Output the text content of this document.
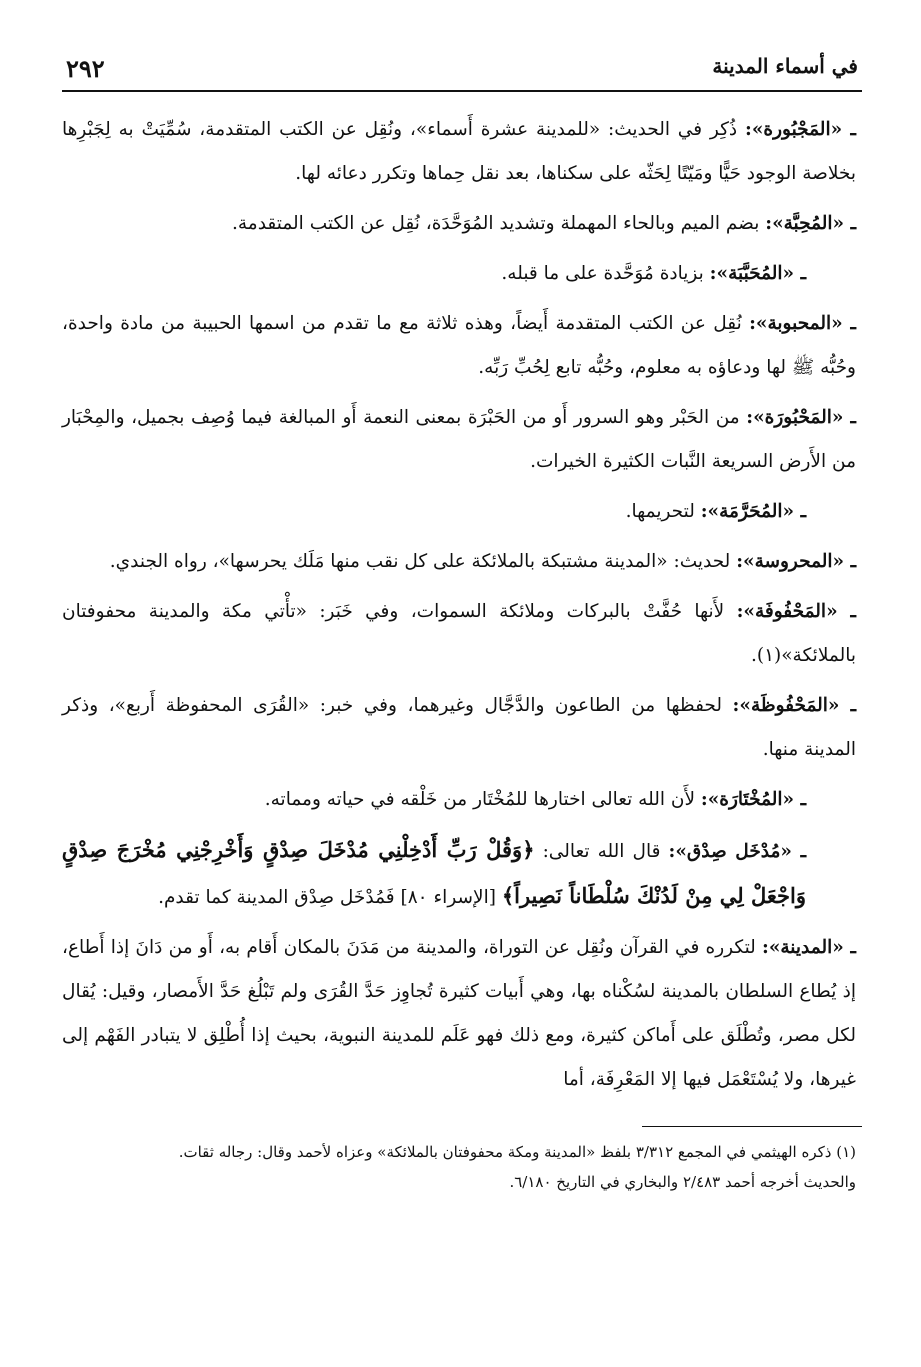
في أسماء المدينة
٢٩٢

ـ «المَجْبُورة»: ذُكِر في الحديث: «للمدينة عشرة أَسماء»، ونُقِل عن الكتب المتقدمة، سُمِّيَتْ به لِجَبْرِها بخلاصة الوجود حَيًّا ومَيّتًا لِحَثّه على سكناها، بعد نقل حِماها وتكرر دعائه لها.

ـ «المُحِبَّة»: بضم الميم وبالحاء المهملة وتشديد المُوَحَّدَة، نُقِل عن الكتب المتقدمة.

ـ «المُحَبَّبَة»: بزيادة مُوَحَّدة على ما قبله.

ـ «المحبوبة»: نُقِل عن الكتب المتقدمة أَيضاً، وهذه ثلاثة مع ما تقدم من اسمها الحبيبة من مادة واحدة، وحُبُّه ﷺ لها ودعاؤه به معلوم، وحُبُّه تابع لِحُبِّ رَبِّه.

ـ «المَحْبُورَة»: من الحَبْر وهو السرور أَو من الحَبْرَة بمعنى النعمة أَو المبالغة فيما وُصِف بجميل، والمِحْبَار من الأَرض السريعة النَّبات الكثيرة الخيرات.

ـ «المُحَرَّمَة»: لتحريمها.

ـ «المحروسة»: لحديث: «المدينة مشتبكة بالملائكة على كل نقب منها مَلَك يحرسها»، رواه الجندي.

ـ «المَحْفُوفَة»: لأَنها حُفَّتْ بالبركات وملائكة السموات، وفي خَبَر: «تأْتي مكة والمدينة محفوفتان بالملائكة»(١).

ـ «المَحْفُوظَة»: لحفظها من الطاعون والدَّجَّال وغيرهما، وفي خبر: «القُرَى المحفوظة أَربع»، وذكر المدينة منها.

ـ «المُخْتَارَة»: لأَن الله تعالى اختارها للمُخْتَار من خَلْقه في حياته ومماته.

ـ «مُدْخَل صِدْق»: قال الله تعالى: ﴿وَقُلْ رَبِّ أَدْخِلْنِي مُدْخَلَ صِدْقٍ وَأَخْرِجْنِي مُخْرَجَ صِدْقٍ وَاجْعَلْ لِي مِنْ لَدُنْكَ سُلْطَاناً نَصِيراً﴾ [الإسراء ٨٠] فَمُدْخَل صِدْق المدينة كما تقدم.

ـ «المدينة»: لتكرره في القرآن ونُقِل عن التوراة، والمدينة من مَدَنَ بالمكان أَقام به، أَو من دَانَ إذا أَطاع، إذ يُطاع السلطان بالمدينة لسُكْناه بها، وهي أَبيات كثيرة تُجاوِز حَدَّ القُرَى ولم تَبْلُغ حَدَّ الأَمصار، وقيل: يُقال لكل مصر، وتُطْلَق على أَماكن كثيرة، ومع ذلك فهو عَلَم للمدينة النبوية، بحيث إذا أُطْلِق لا يتبادر الفَهْم إلى غيرها، ولا يُسْتَعْمَل فيها إلا المَعْرِفَة، أما

(١) ذكره الهيثمي في المجمع ٣/٣١٢ بلفظ «المدينة ومكة محفوفتان بالملائكة» وعزاه لأحمد وقال: رجاله ثقات.
والحديث أخرجه أحمد ٢/٤٨٣ والبخاري في التاريخ ٦/١٨٠.
